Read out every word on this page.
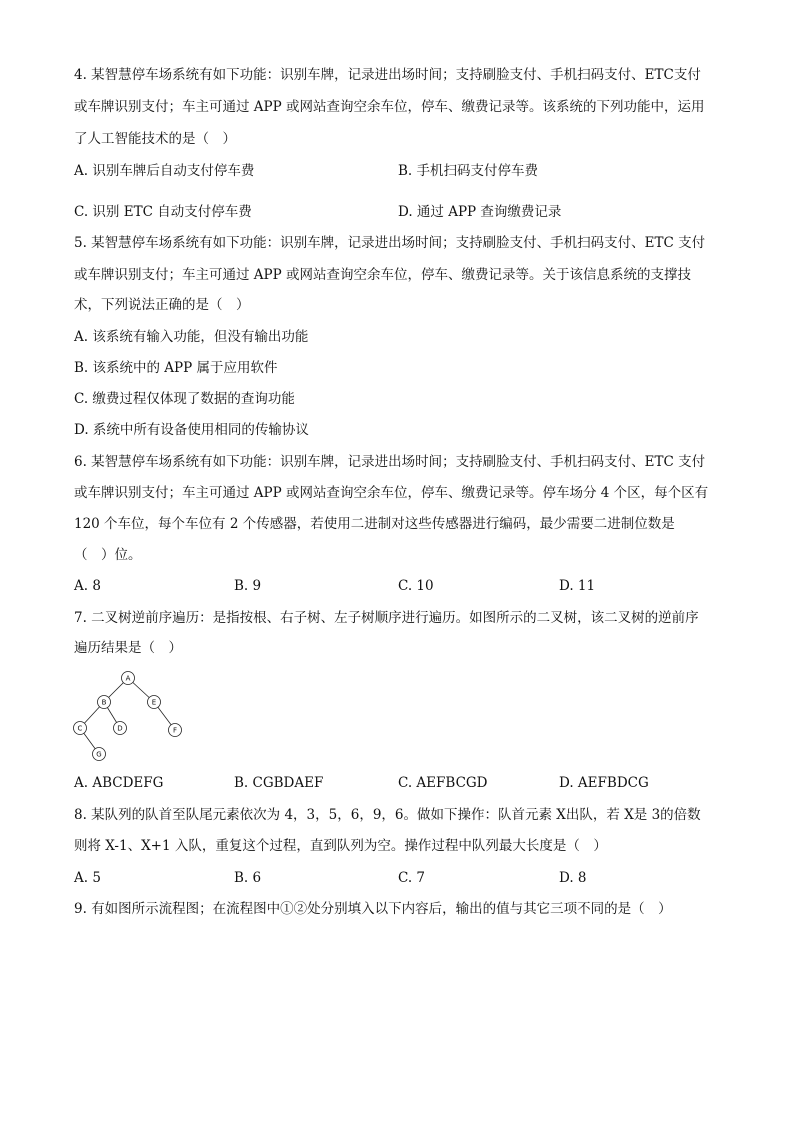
4. 某智慧停车场系统有如下功能：识别车牌，记录进出场时间；支持刷脸支付、手机扫码支付、ETC支付
或车牌识别支付；车主可通过 APP 或网站查询空余车位，停车、缴费记录等。该系统的下列功能中，运用
了人工智能技术的是（　）
A. 识别车牌后自动支付停车费	B. 手机扫码支付停车费
C. 识别 ETC 自动支付停车费	D. 通过 APP 查询缴费记录
5. 某智慧停车场系统有如下功能：识别车牌，记录进出场时间；支持刷脸支付、手机扫码支付、ETC 支付
或车牌识别支付；车主可通过 APP 或网站查询空余车位，停车、缴费记录等。关于该信息系统的支撑技
术，下列说法正确的是（　）
A. 该系统有输入功能，但没有输出功能
B. 该系统中的 APP 属于应用软件
C. 缴费过程仅体现了数据的查询功能
D. 系统中所有设备使用相同的传输协议
6. 某智慧停车场系统有如下功能：识别车牌，记录进出场时间；支持刷脸支付、手机扫码支付、ETC 支付
或车牌识别支付；车主可通过 APP 或网站查询空余车位，停车、缴费记录等。停车场分 4 个区，每个区有
120 个车位，每个车位有 2 个传感器，若使用二进制对这些传感器进行编码，最少需要二进制位数是
（　）位。
A. 8	B. 9	C. 10	D. 11
7. 二叉树逆前序遍历：是指按根、右子树、左子树顺序进行遍历。如图所示的二叉树，该二叉树的逆前序
遍历结果是（　）
A
B	E
C	D	F
G
A. ABCDEFG	B. CGBDAEF	C. AEFBCGD	D. AEFBDCG
8. 某队列的队首至队尾元素依次为 4，3，5，6，9，6。做如下操作：队首元素 X出队，若 X是 3的倍数
则将 X-1、X+1 入队，重复这个过程，直到队列为空。操作过程中队列最大长度是（　）
A. 5	B. 6	C. 7	D. 8
9. 有如图所示流程图；在流程图中①②处分别填入以下内容后，输出的值与其它三项不同的是（　）
